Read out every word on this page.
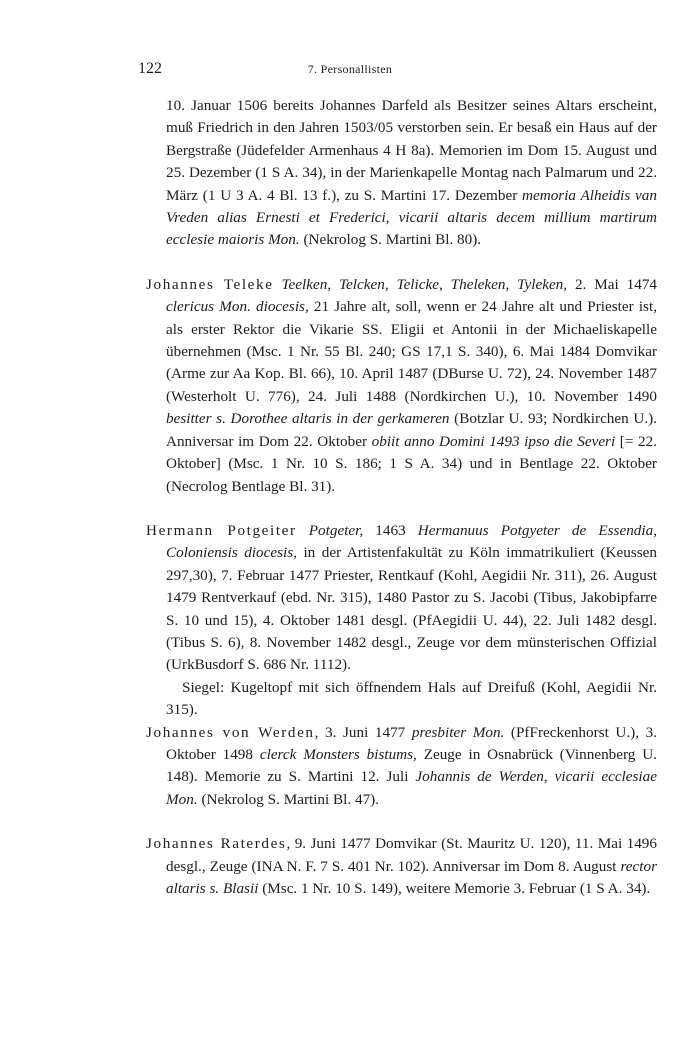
122	7. Personallisten

10. Januar 1506 bereits Johannes Darfeld als Besitzer seines Altars erscheint, muß Friedrich in den Jahren 1503/05 verstorben sein. Er besaß ein Haus auf der Bergstraße (Jüdefelder Armenhaus 4 H 8a). Memorien im Dom 15. August und 25. Dezember (1 S A. 34), in der Marienkapelle Montag nach Palmarum und 22. März (1 U 3 A. 4 Bl. 13 f.), zu S. Martini 17. Dezember memoria Alheidis van Vreden alias Ernesti et Frederici, vicarii altaris decem millium martirum ecclesie maioris Mon. (Nekrolog S. Martini Bl. 80).

Johannes Teleke Teelken, Telcken, Telicke, Theleken, Tyleken, 2. Mai 1474 clericus Mon. diocesis, 21 Jahre alt, soll, wenn er 24 Jahre alt und Priester ist, als erster Rektor die Vikarie SS. Eligii et Antonii in der Michaeliskapelle übernehmen (Msc. 1 Nr. 55 Bl. 240; GS 17,1 S. 340), 6. Mai 1484 Domvikar (Arme zur Aa Kop. Bl. 66), 10. April 1487 (DBurse U. 72), 24. November 1487 (Westerholt U. 776), 24. Juli 1488 (Nordkirchen U.), 10. November 1490 besitter s. Dorothee altaris in der gerkameren (Botzlar U. 93; Nordkirchen U.). Anniversar im Dom 22. Oktober obiit anno Domini 1493 ipso die Severi [= 22. Oktober] (Msc. 1 Nr. 10 S. 186; 1 S A. 34) und in Bentlage 22. Oktober (Necrolog Bentlage Bl. 31).

Hermann Potgeiter Potgeter, 1463 Hermanuus Potgyeter de Essendia, Coloniensis diocesis, in der Artistenfakultät zu Köln immatrikuliert (Keussen 297,30), 7. Februar 1477 Priester, Rentkauf (Kohl, Aegidii Nr. 311), 26. August 1479 Rentverkauf (ebd. Nr. 315), 1480 Pastor zu S. Jacobi (Tibus, Jakobipfarre S. 10 und 15), 4. Oktober 1481 desgl. (PfAegidii U. 44), 22. Juli 1482 desgl. (Tibus S. 6), 8. November 1482 desgl., Zeuge vor dem münsterischen Offizial (UrkBusdorf S. 686 Nr. 1112).

Siegel: Kugeltopf mit sich öffnendem Hals auf Dreifuß (Kohl, Aegidii Nr. 315).

Johannes von Werden, 3. Juni 1477 presbiter Mon. (PfFreckenhorst U.), 3. Oktober 1498 clerck Monsters bistums, Zeuge in Osnabrück (Vinnenberg U. 148). Memorie zu S. Martini 12. Juli Johannis de Werden, vicarii ecclesiae Mon. (Nekrolog S. Martini Bl. 47).

Johannes Raterdes, 9. Juni 1477 Domvikar (St. Mauritz U. 120), 11. Mai 1496 desgl., Zeuge (INA N. F. 7 S. 401 Nr. 102). Anniversar im Dom 8. August rector altaris s. Blasii (Msc. 1 Nr. 10 S. 149), weitere Memorie 3. Februar (1 S A. 34).
